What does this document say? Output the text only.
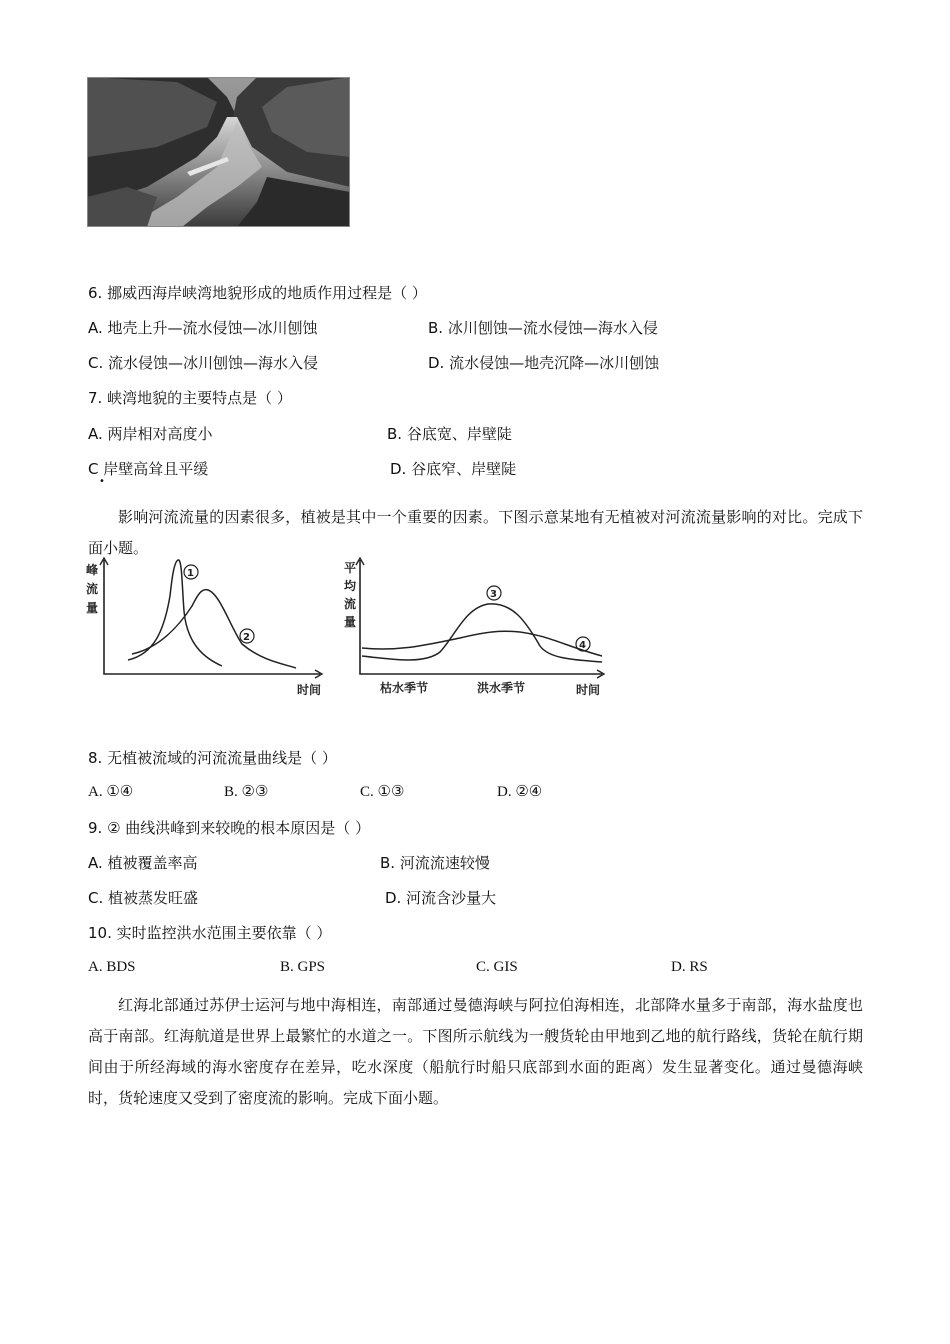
6. 挪威西海岸峡湾地貌形成的地质作用过程是（ ）
A. 地壳上升—流水侵蚀—冰川刨蚀	B. 冰川刨蚀—流水侵蚀—海水入侵
C. 流水侵蚀—冰川刨蚀—海水入侵	D. 流水侵蚀—地壳沉降—冰川刨蚀
7. 峡湾地貌的主要特点是（ ）
A. 两岸相对高度小	B. 谷底宽、岸壁陡
C 岸壁高耸且平缓	D. 谷底窄、岸壁陡
•
影响河流流量的因素很多，植被是其中一个重要的因素。下图示意某地有无植被对河流流量影响的对比。完成下面小题。
峰
流
量
1
2
时间
平
均
流
量
3
4
枯水季节	洪水季节	时间
8. 无植被流域的河流流量曲线是（ ）
A. ①④	B. ②③	C. ①③	D. ②④
9. ② 曲线洪峰到来较晚的根本原因是（ ）
A. 植被覆盖率高	B. 河流流速较慢
C. 植被蒸发旺盛	D. 河流含沙量大
10. 实时监控洪水范围主要依靠（ ）
A. BDS	B. GPS	C. GIS	D. RS
红海北部通过苏伊士运河与地中海相连，南部通过曼德海峡与阿拉伯海相连，北部降水量多于南部，海水盐度也高于南部。红海航道是世界上最繁忙的水道之一。下图所示航线为一艘货轮由甲地到乙地的航行路线，货轮在航行期间由于所经海域的海水密度存在差异，吃水深度（船航行时船只底部到水面的距离）发生显著变化。通过曼德海峡时，货轮速度又受到了密度流的影响。完成下面小题。
